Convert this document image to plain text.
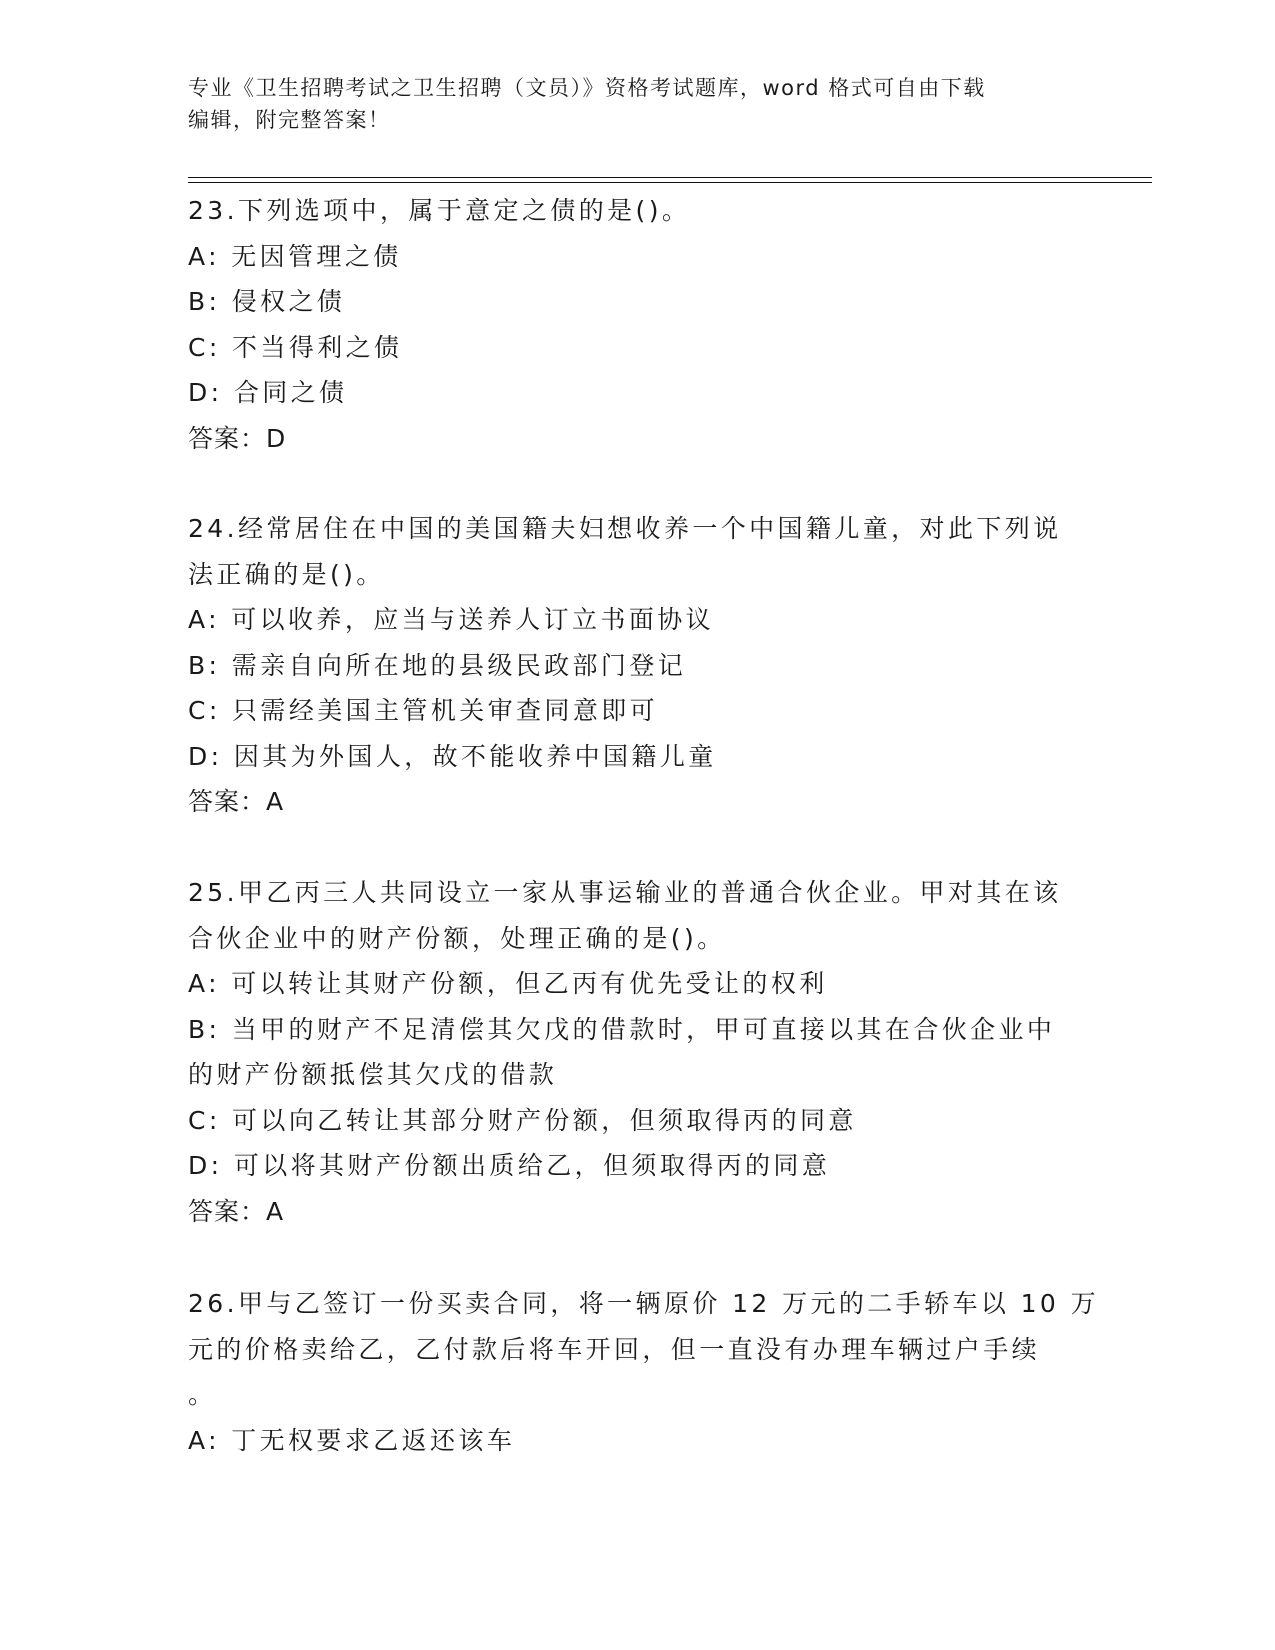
专业《卫生招聘考试之卫生招聘（文员）》资格考试题库，word 格式可自由下载
编辑，附完整答案！
23.下列选项中，属于意定之债的是()。
A: 无因管理之债
B: 侵权之债
C: 不当得利之债
D: 合同之债
答案：D
24.经常居住在中国的美国籍夫妇想收养一个中国籍儿童，对此下列说
法正确的是()。
A: 可以收养，应当与送养人订立书面协议
B: 需亲自向所在地的县级民政部门登记
C: 只需经美国主管机关审查同意即可
D: 因其为外国人，故不能收养中国籍儿童
答案：A
25.甲乙丙三人共同设立一家从事运输业的普通合伙企业。甲对其在该
合伙企业中的财产份额，处理正确的是()。
A: 可以转让其财产份额，但乙丙有优先受让的权利
B: 当甲的财产不足清偿其欠戊的借款时，甲可直接以其在合伙企业中
的财产份额抵偿其欠戊的借款
C: 可以向乙转让其部分财产份额，但须取得丙的同意
D: 可以将其财产份额出质给乙，但须取得丙的同意
答案：A
26.甲与乙签订一份买卖合同，将一辆原价 12 万元的二手轿车以 10 万
元的价格卖给乙，乙付款后将车开回，但一直没有办理车辆过户手续
。
A: 丁无权要求乙返还该车
